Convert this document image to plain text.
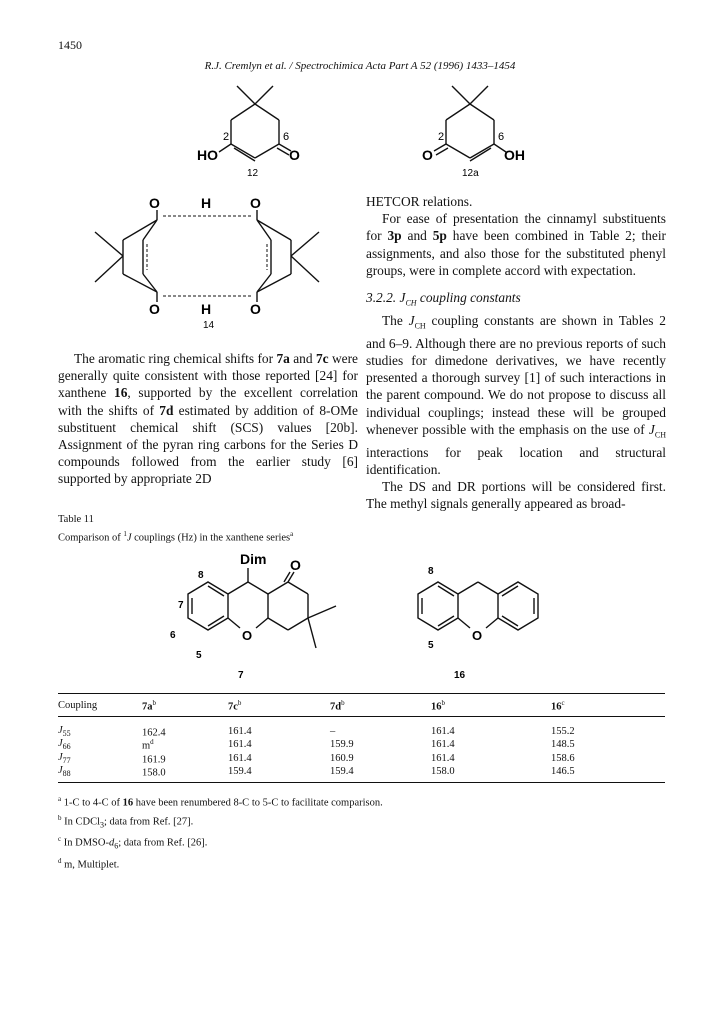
1450
R.J. Cremlyn et al. / Spectrochimica Acta Part A 52 (1996) 1433–1454
2	6
HO	O
12
2	6
O	OH
12a
O	H	O
O	H	O
14

HETCOR relations.

For ease of presentation the cinnamyl substituents for 3p and 5p have been combined in Table 2; their assignments, and also those for the substituted phenyl groups, were in complete accord with expectation.

3.2.2. $J_{CH}$ coupling constants

The $J_{CH}$ coupling constants are shown in Tables 2 and 6–9. Although there are no previous reports of such studies for dimedone derivatives, we have recently presented a thorough survey [1] of such interactions in the parent compound. We do not propose to discuss all individual couplings; instead these will be grouped whenever possible with the emphasis on the use of $J_{CH}$ interactions for peak location and structural identification.

The DS and DR portions will be considered first. The methyl signals generally appeared as broad-

The aromatic ring chemical shifts for 7a and 7c were generally quite consistent with those reported [24] for xanthene 16, supported by the excellent correlation with the shifts of 7d estimated by addition of 8-OMe substituent chemical shift (SCS) values [20b]. Assignment of the pyran ring carbons for the Series D compounds followed from the earlier study [6] supported by appropriate 2D

Table 11
Comparison of $^1$J couplings (Hz) in the xanthene series$^a$
Dim O
O
8
7
6
5
7
O
8
5
16
Coupling	$7a^b$	$7c^b$	$7d^b$	16$^b$	16$^c$

$J_{55}$	162.4	161.4	–	161.4	155.2
$J_{66}$	$m^d$	161.4	159.9	161.4	148.5
$J_{77}$	161.9	161.4	160.9	161.4	158.6
$J_{88}$	158.0	159.4	159.4	158.0	146.5
$^a$ 1-C to 4-C of 16 have been renumbered 8-C to 5-C to facilitate comparison.
$^b$ In CDCl$_3$; data from Ref. [27].
$^c$ In DMSO-$d_6$; data from Ref. [26].
$^d$ m, Multiplet.
